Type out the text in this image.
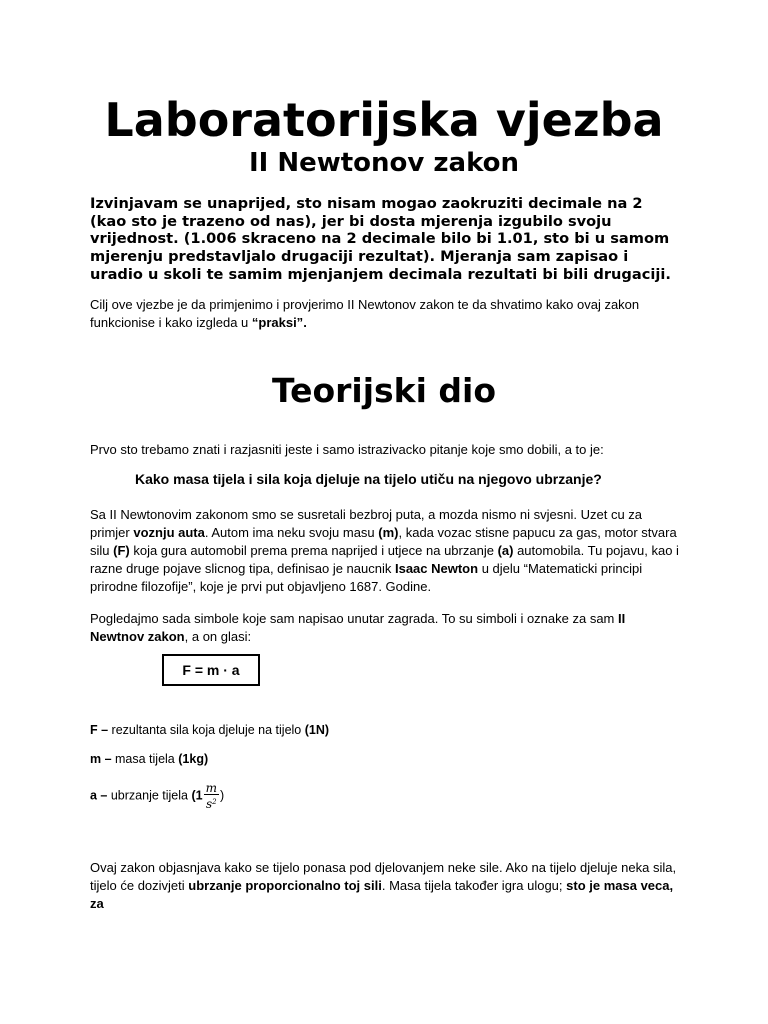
Laboratorijska vjezba
II Newtonov zakon

Izvinjavam se unaprijed, sto nisam mogao zaokruziti decimale na 2 (kao sto je trazeno od nas), jer bi dosta mjerenja izgubilo svoju vrijednost. (1.006 skraceno na 2 decimale bilo bi 1.01, sto bi u samom mjerenju predstavljalo drugaciji rezultat). Mjeranja sam zapisao i uradio u skoli te samim mjenjanjem decimala rezultati bi bili drugaciji.

Cilj ove vjezbe je da primjenimo i provjerimo II Newtonov zakon te da shvatimo kako ovaj zakon funkcionise i kako izgleda u “praksi”.

Teorijski dio

Prvo sto trebamo znati i razjasniti jeste i samo istrazivacko pitanje koje smo dobili, a to je:

Kako masa tijela i sila koja djeluje na tijelo utiču na njegovo ubrzanje?

Sa II Newtonovim zakonom smo se susretali bezbroj puta, a mozda nismo ni svjesni. Uzet cu za primjer voznju auta. Autom ima neku svoju masu (m), kada vozac stisne papucu za gas, motor stvara silu (F) koja gura automobil prema prema naprijed i utjece na ubrzanje (a) automobila. Tu pojavu, kao i razne druge pojave slicnog tipa, definisao je naucnik Isaac Newton u djelu “Matematicki principi prirodne filozofije”, koje je prvi put objavljeno 1687. Godine.

Pogledajmo sada simbole koje sam napisao unutar zagrada. To su simboli i oznake za sam II Newtnov zakon, a on glasi:

F = m · a

F – rezultanta sila koja djeluje na tijelo (1N)

m – masa tijela (1kg)

a – ubrzanje tijela ($1 \frac{m}{s^2}$ )

Ovaj zakon objasnjava kako se tijelo ponasa pod djelovanjem neke sile. Ako na tijelo djeluje neka sila, tijelo će dozivjeti ubrzanje proporcionalno toj sili. Masa tijela također igra ulogu; sto je masa veca, za
